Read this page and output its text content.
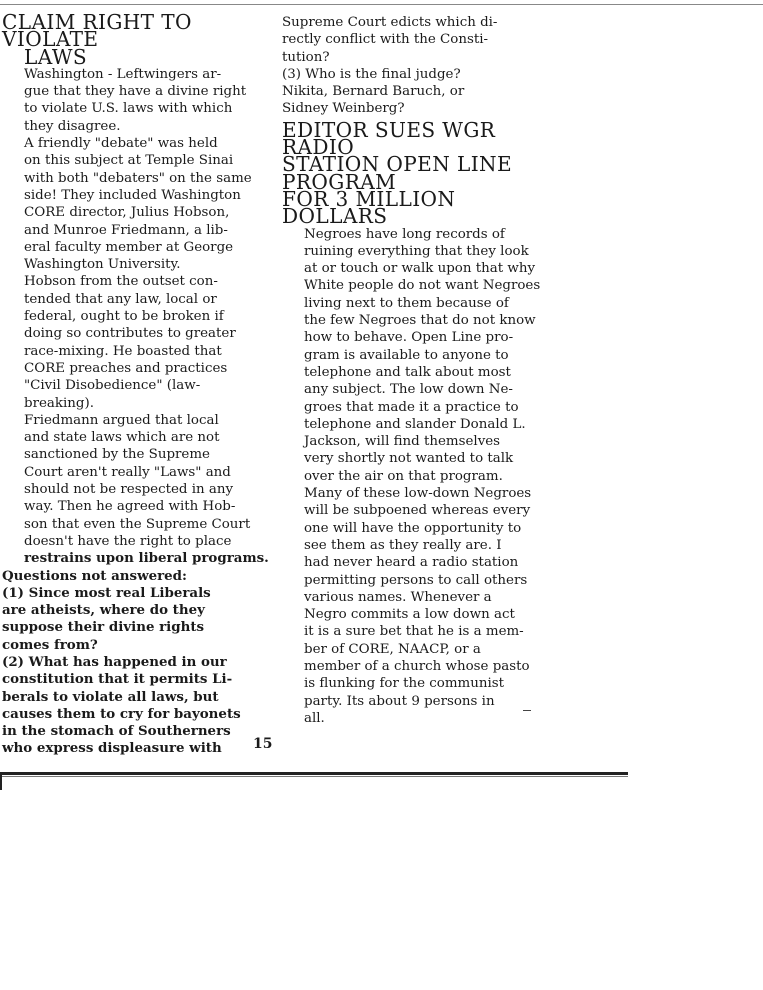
CLAIM RIGHT TO VIOLATE
LAWS

Washington - Leftwingers ar-
gue that they have a divine right
to violate U.S. laws with which
they disagree.

A friendly "debate" was held
on this subject at Temple Sinai
with both "debaters" on the same
side! They included Washington
CORE director, Julius Hobson,
and Munroe Friedmann, a lib-
eral faculty member at George
Washington University.

Hobson from the outset con-
tended that any law, local or
federal, ought to be broken if
doing so contributes to greater
race-mixing. He boasted that
CORE preaches and practices
"Civil Disobedience" (law-
breaking).

Friedmann argued that local
and state laws which are not
sanctioned by the Supreme
Court aren't really "Laws" and
should not be respected in any
way. Then he agreed with Hob-
son that even the Supreme Court
doesn't have the right to place
restrains upon liberal programs.

Questions not answered:

(1) Since most real Liberals
are atheists, where do they
suppose their divine rights
comes from?

(2) What has happened in our
constitution that it permits Li-
berals to violate all laws, but
causes them to cry for bayonets
in the stomach of Southerners
who express displeasure with

Supreme Court edicts which di-
rectly conflict with the Consti-
tution?

(3) Who is the final judge?
Nikita, Bernard Baruch, or
Sidney Weinberg?

EDITOR SUES WGR RADIO
STATION OPEN LINE PROGRAM
FOR 3 MILLION DOLLARS

Negroes have long records of
ruining everything that they look
at or touch or walk upon that why
White people do not want Negroes
living next to them because of
the few Negroes that do not know
how to behave. Open Line pro-
gram is available to anyone to
telephone and talk about most
any subject. The low down Ne-
groes that made it a practice to
telephone and slander Donald L.
Jackson, will find themselves
very shortly not wanted to talk
over the air on that program.
Many of these low-down Negroes
will be subpoened whereas every
one will have the opportunity to
see them as they really are. I
had never heard a radio station
permitting persons to call others
various names. Whenever a
Negro commits a low down act
it is a sure bet that he is a mem-
ber of CORE, NAACP, or a
member of a church whose pasto
is flunking for the communist
party. Its about 9 persons in
all.

15
